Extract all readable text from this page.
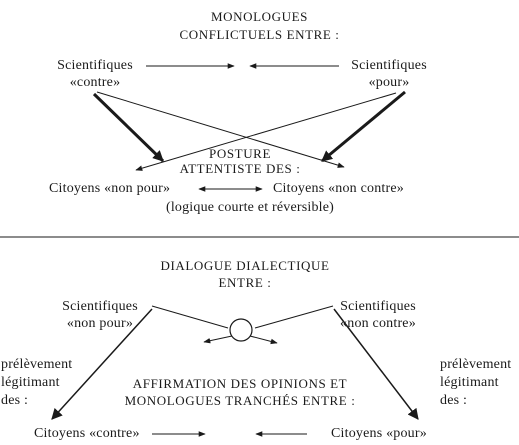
MONOLOGUES
CONFLICTUELS ENTRE :
Scientifiques
«contre»
Scientifiques
«pour»
POSTURE
ATTENTISTE DES :
Citoyens «non pour»	Citoyens «non contre»
(logique courte et réversible)
DIALOGUE DIALECTIQUE
ENTRE :
Scientifiques
«non pour»
Scientifiques
«non contre»
prélèvement
légitimant
des :
prélèvement
légitimant
des :
AFFIRMATION DES OPINIONS ET
MONOLOGUES TRANCHÉS ENTRE :
Citoyens «contre»	Citoyens «pour»
